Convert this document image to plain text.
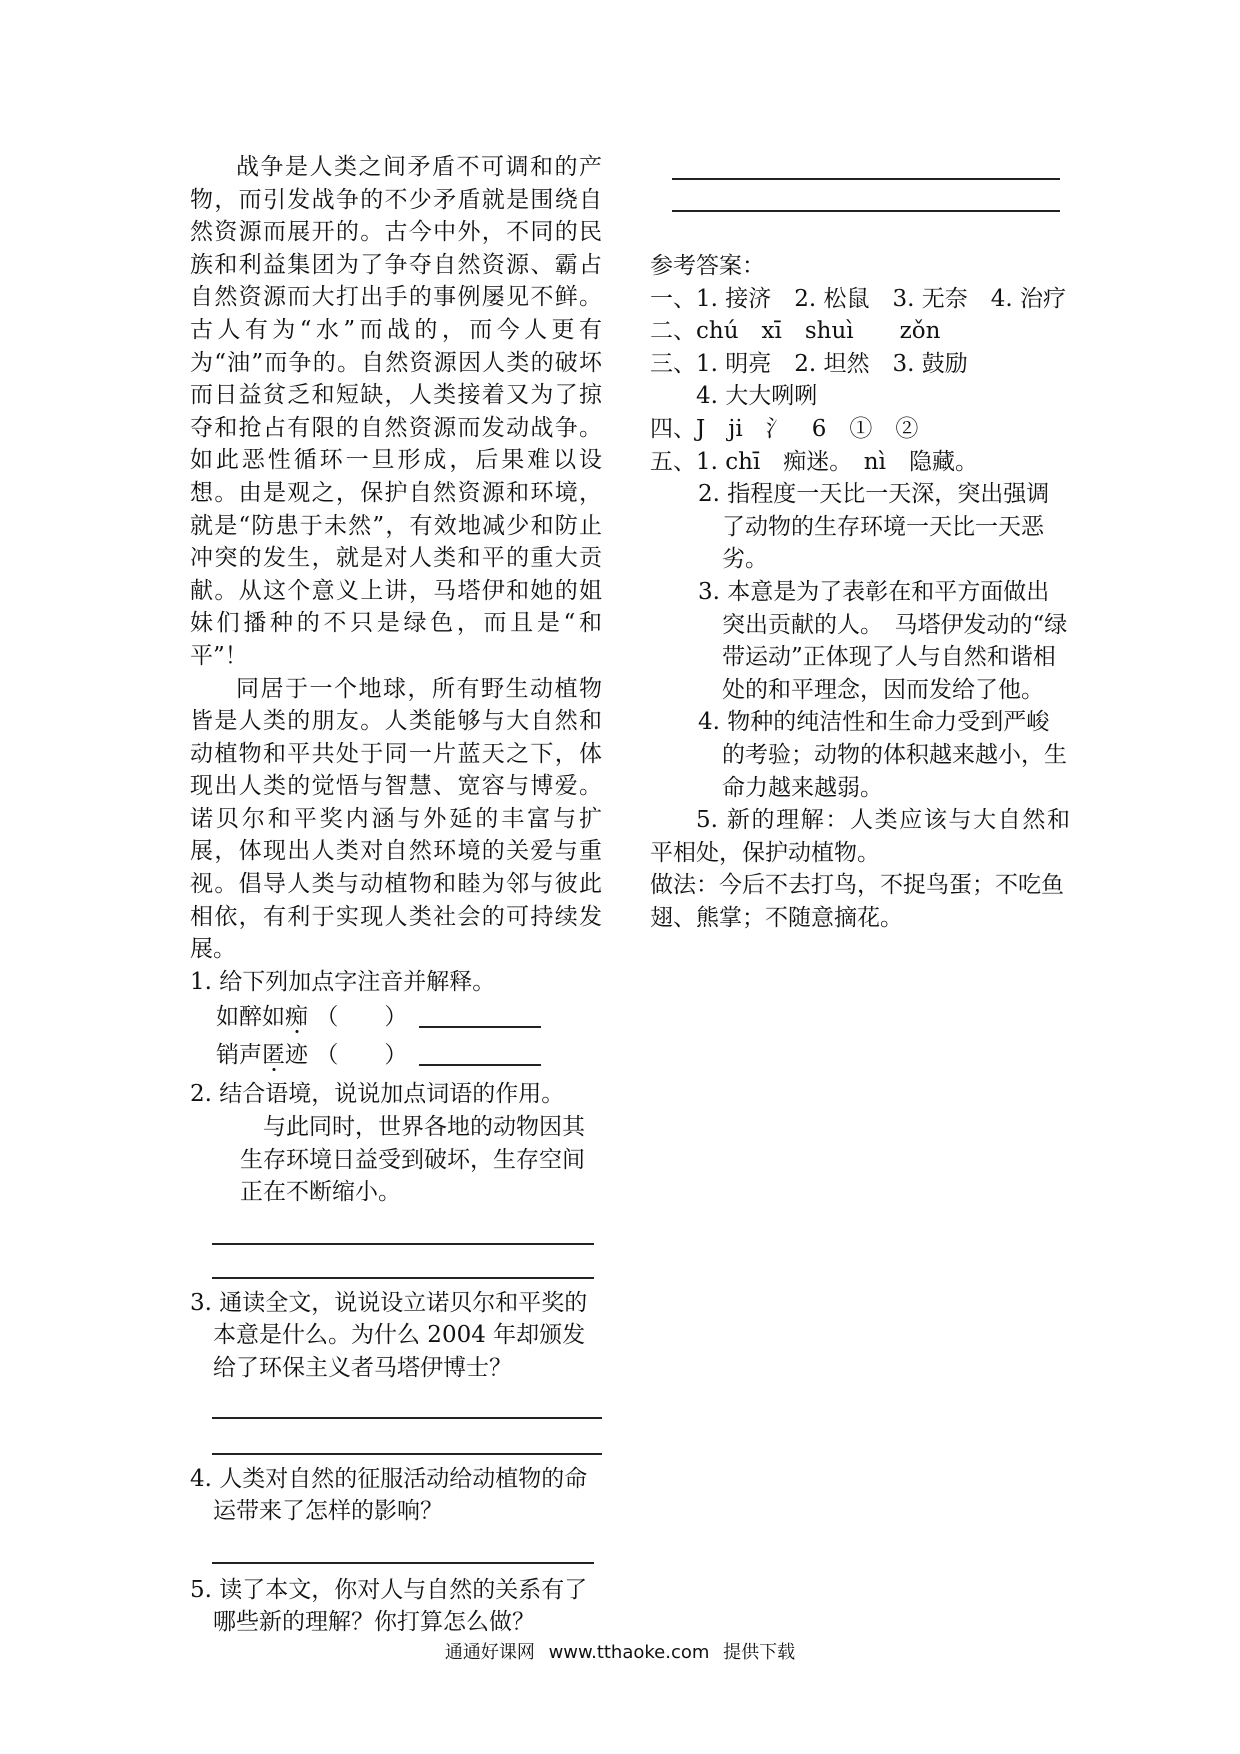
战争是人类之间矛盾不可调和的产物，而引发战争的不少矛盾就是围绕自然资源而展开的。古今中外，不同的民族和利益集团为了争夺自然资源、霸占自然资源而大打出手的事例屡见不鲜。古人有为“水”而战的，而今人更有为“油”而争的。自然资源因人类的破坏而日益贫乏和短缺，人类接着又为了掠夺和抢占有限的自然资源而发动战争。如此恶性循环一旦形成，后果难以设想。由是观之，保护自然资源和环境，就是“防患于未然”，有效地减少和防止冲突的发生，就是对人类和平的重大贡献。从这个意义上讲，马塔伊和她的姐妹们播种的不只是绿色，而且是“和平”！

同居于一个地球，所有野生动植物皆是人类的朋友。人类能够与大自然和动植物和平共处于同一片蓝天之下，体现出人类的觉悟与智慧、宽容与博爱。诺贝尔和平奖内涵与外延的丰富与扩展，体现出人类对自然环境的关爱与重视。倡导人类与动植物和睦为邻与彼此相依，有利于实现人类社会的可持续发展。

1. 给下列加点字注音并解释。

如醉如痴 （　　）

销声匿迹 （　　）

2. 结合语境，说说加点词语的作用。

与此同时，世界各地的动物因其生存环境日益受到破坏，生存空间正在不断缩小。

3. 通读全文，说说设立诺贝尔和平奖的本意是什么。为什么 2004 年却颁发给了环保主义者马塔伊博士？

4. 人类对自然的征服活动给动植物的命运带来了怎样的影响？

5. 读了本文，你对人与自然的关系有了哪些新的理解？你打算怎么做？

参考答案：

一、1. 接济　2. 松鼠　3. 无奈　4. 治疗

二、chú　xī　shuì　　zǒn

三、1. 明亮　2. 坦然　3. 鼓励

4. 大大咧咧

四、J　ji　氵　6　①　②

五、1. chī　痴迷。　nì　隐藏。

2. 指程度一天比一天深，突出强调了动物的生存环境一天比一天恶劣。

3. 本意是为了表彰在和平方面做出突出贡献的人。　马塔伊发动的“绿带运动”正体现了人与自然和谐相处的和平理念，因而发给了他。

4. 物种的纯洁性和生命力受到严峻的考验；动物的体积越来越小，生命力越来越弱。

5. 新的理解：人类应该与大自然和平相处，保护动植物。

做法：今后不去打鸟，不捉鸟蛋；不吃鱼翅、熊掌；不随意摘花。

通通好课网 www.tthaoke.com 提供下载
